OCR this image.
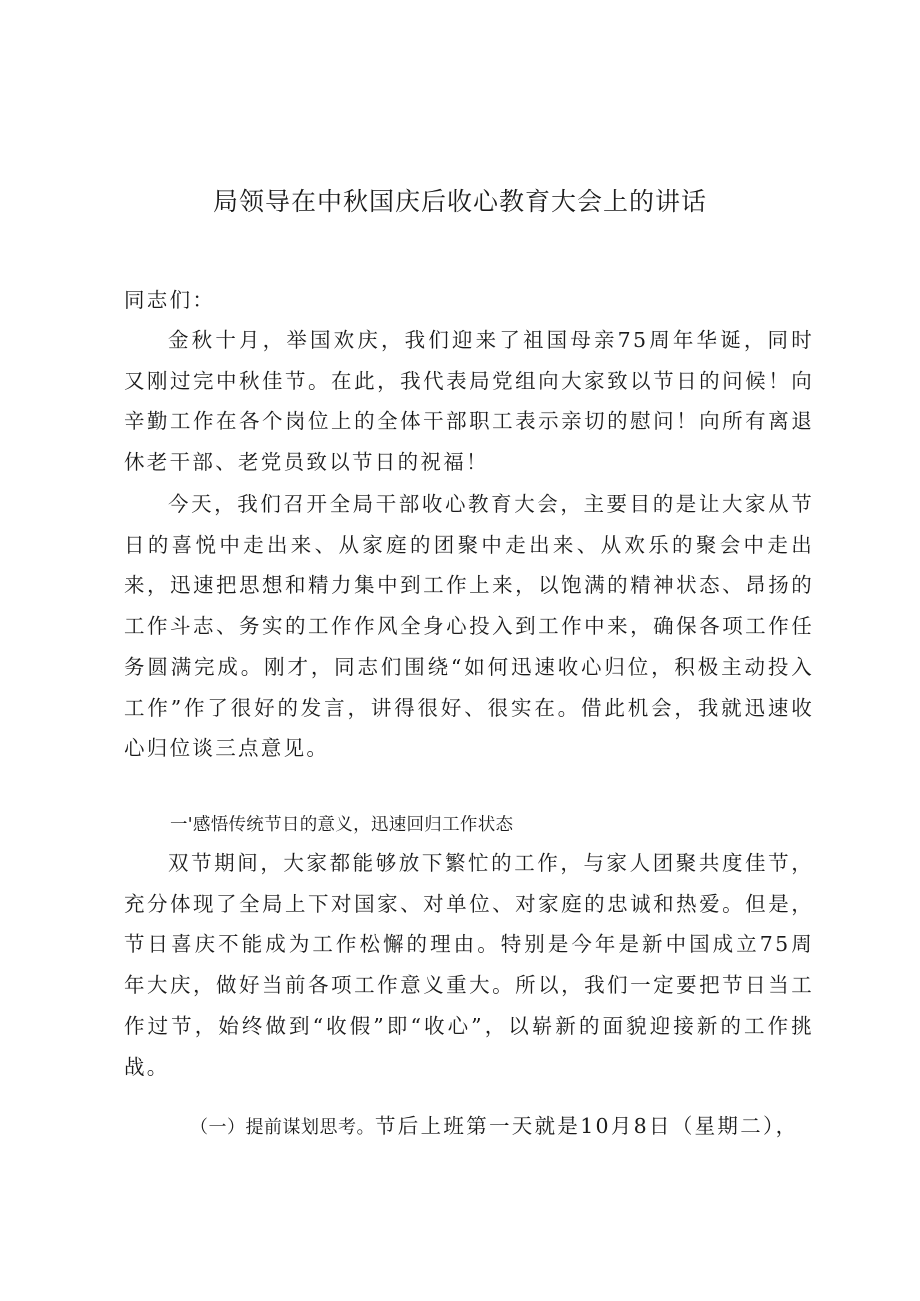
局领导在中秋国庆后收心教育大会上的讲话
同志们：
金秋十月，举国欢庆，我们迎来了祖国母亲75周年华诞，同时又刚过完中秋佳节。在此，我代表局党组向大家致以节日的问候！向辛勤工作在各个岗位上的全体干部职工表示亲切的慰问！向所有离退休老干部、老党员致以节日的祝福！
今天，我们召开全局干部收心教育大会，主要目的是让大家从节日的喜悦中走出来、从家庭的团聚中走出来、从欢乐的聚会中走出来，迅速把思想和精力集中到工作上来，以饱满的精神状态、昂扬的工作斗志、务实的工作作风全身心投入到工作中来，确保各项工作任务圆满完成。刚才，同志们围绕“如何迅速收心归位，积极主动投入工作”作了很好的发言，讲得很好、很实在。借此机会，我就迅速收心归位谈三点意见。
一'感悟传统节日的意义，迅速回归工作状态
双节期间，大家都能够放下繁忙的工作，与家人团聚共度佳节，充分体现了全局上下对国家、对单位、对家庭的忠诚和热爱。但是，节日喜庆不能成为工作松懈的理由。特别是今年是新中国成立75周年大庆，做好当前各项工作意义重大。所以，我们一定要把节日当工作过节，始终做到“收假”即“收心”，以崭新的面貌迎接新的工作挑战。
（一）提前谋划思考。节后上班第一天就是10月8日（星期二），
